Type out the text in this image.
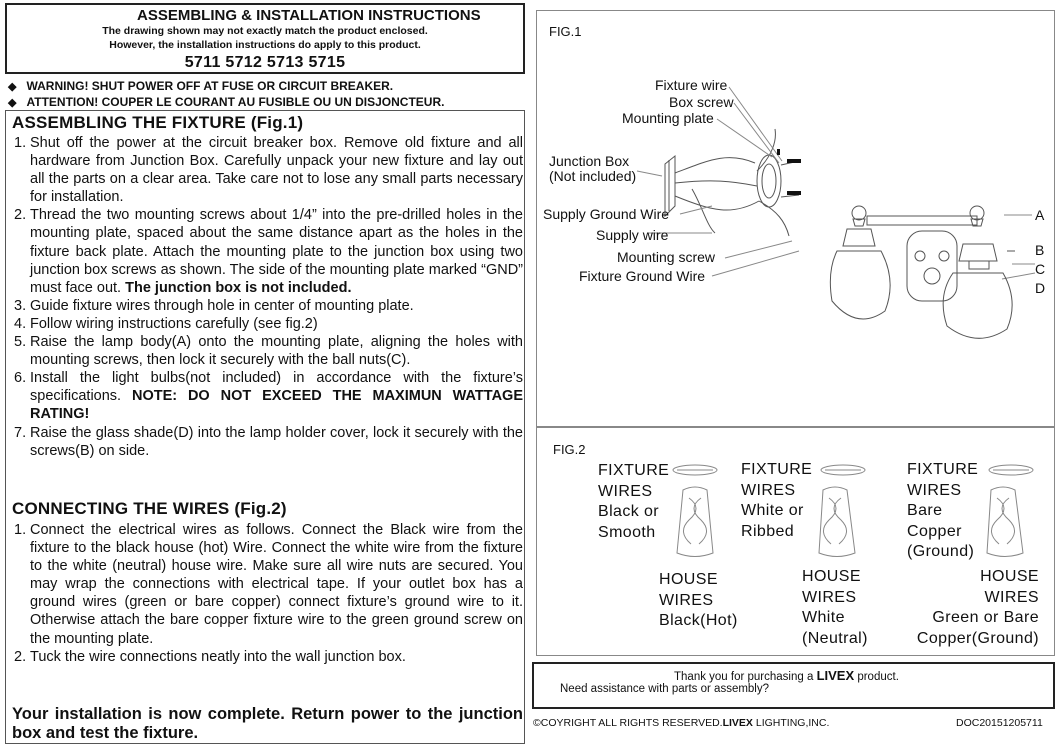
ASSEMBLING & INSTALLATION INSTRUCTIONS
The drawing shown may not exactly match the product enclosed.
However, the installation instructions do apply to this product.
5711 5712 5713 5715
◆ WARNING! SHUT POWER OFF AT FUSE OR CIRCUIT BREAKER.
◆ ATTENTION! COUPER LE COURANT AU FUSIBLE OU UN DISJONCTEUR.
ASSEMBLING THE FIXTURE (Fig.1)
1. Shut off the power at the circuit breaker box. Remove old fixture and all hardware from Junction Box. Carefully unpack your new fixture and lay out all the parts on a clear area. Take care not to lose any small parts necessary for installation.
2. Thread the two mounting screws about 1/4” into the pre-drilled holes in the mounting plate, spaced about the same distance apart as the holes in the fixture back plate. Attach the mounting plate to the junction box using two junction box screws as shown. The side of the mounting plate marked “GND” must face out. The junction box is not included.
3. Guide fixture wires through hole in center of mounting plate.
4. Follow wiring instructions carefully (see fig.2)
5. Raise the lamp body(A) onto the mounting plate, aligning the holes with mounting screws, then lock it securely with the ball nuts(C).
6. Install the light bulbs(not included) in accordance with the fixture’s specifications. NOTE: DO NOT EXCEED THE MAXIMUN WATTAGE RATING!
7. Raise the glass shade(D) into the lamp holder cover, lock it securely with the screws(B) on side.
CONNECTING THE WIRES (Fig.2)
1. Connect the electrical wires as follows. Connect the Black wire from the fixture to the black house (hot) Wire. Connect the white wire from the fixture to the white (neutral) house wire. Make sure all wire nuts are secured. You may wrap the connections with electrical tape. If your outlet box has a ground wires (green or bare copper) connect fixture’s ground wire to it. Otherwise attach the bare copper fixture wire to the green ground screw on the mounting plate.
2. Tuck the wire connections neatly into the wall junction box.
Your installation is now complete. Return power to the junction box and test the fixture.
FIG.1
Fixture wire
Box screw
Mounting plate
Junction Box
(Not included)
Supply Ground Wire
Supply wire
Mounting screw
Fixture Ground Wire
A
B
C
D
FIG.2
FIXTURE
WIRES
Black or
Smooth
HOUSE
WIRES
Black(Hot)
FIXTURE
WIRES
White or
Ribbed
HOUSE
WIRES
White
(Neutral)
FIXTURE
WIRES
Bare
Copper
(Ground)
HOUSE
WIRES
Green or Bare
Copper(Ground)
Thank you for purchasing a LIVEX product.
Need assistance with parts or assembly?
©COYRIGHT ALL RIGHTS RESERVED.LIVEX LIGHTING,INC.	DOC20151205711
